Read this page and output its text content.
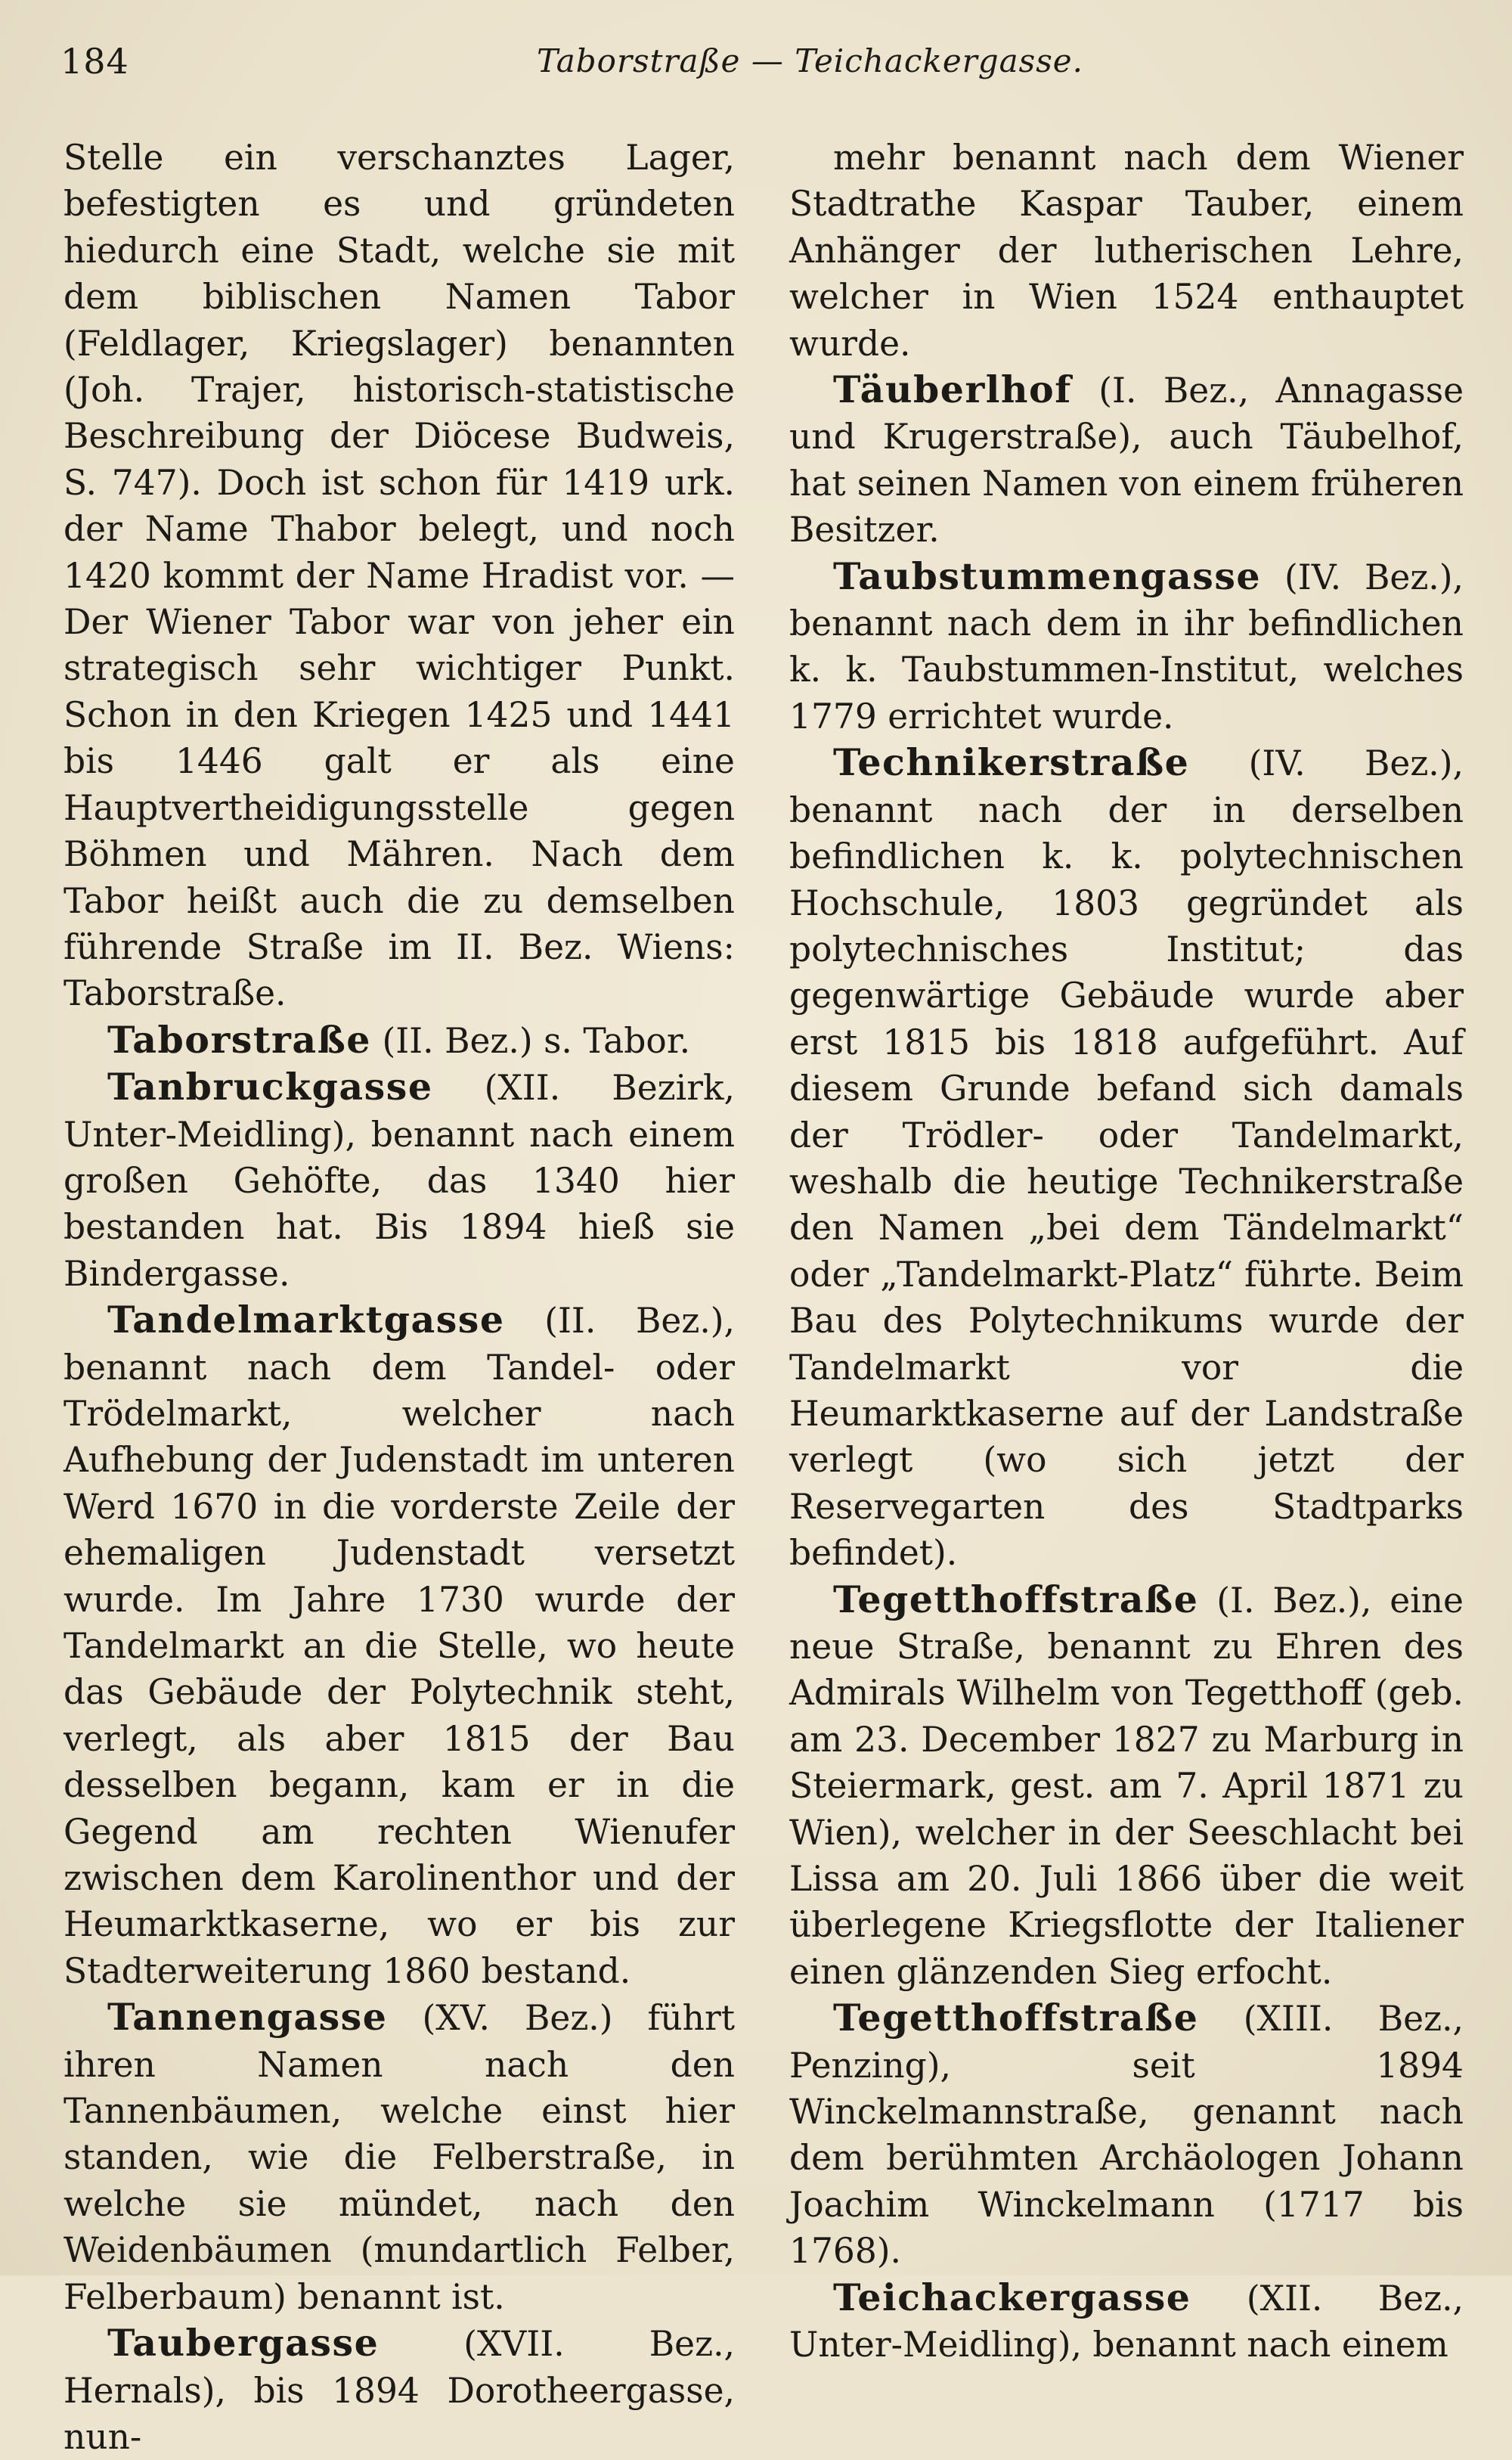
184	Taborstraße — Teichackergasse.

Stelle ein verschanztes Lager, befestigten es und gründeten hiedurch eine Stadt, welche sie mit dem biblischen Namen Tabor (Feldlager, Kriegslager) benannten (Joh. Trajer, historisch-statistische Beschreibung der Diöcese Budweis, S. 747). Doch ist schon für 1419 urk. der Name Thabor belegt, und noch 1420 kommt der Name Hradist vor. — Der Wiener Tabor war von jeher ein strategisch sehr wichtiger Punkt. Schon in den Kriegen 1425 und 1441 bis 1446 galt er als eine Hauptvertheidigungsstelle gegen Böhmen und Mähren. Nach dem Tabor heißt auch die zu demselben führende Straße im II. Bez. Wiens: Taborstraße.

Taborstraße (II. Bez.) s. Tabor.

Tanbruckgasse (XII. Bezirk, Unter-Meidling), benannt nach einem großen Gehöfte, das 1340 hier bestanden hat. Bis 1894 hieß sie Bindergasse.

Tandelmarktgasse (II. Bez.), benannt nach dem Tandel- oder Trödelmarkt, welcher nach Aufhebung der Judenstadt im unteren Werd 1670 in die vorderste Zeile der ehemaligen Judenstadt versetzt wurde. Im Jahre 1730 wurde der Tandelmarkt an die Stelle, wo heute das Gebäude der Polytechnik steht, verlegt, als aber 1815 der Bau desselben begann, kam er in die Gegend am rechten Wienufer zwischen dem Karolinenthor und der Heumarktkaserne, wo er bis zur Stadterweiterung 1860 bestand.

Tannengasse (XV. Bez.) führt ihren Namen nach den Tannenbäumen, welche einst hier standen, wie die Felberstraße, in welche sie mündet, nach den Weidenbäumen (mundartlich Felber, Felberbaum) benannt ist.

Taubergasse (XVII. Bez., Hernals), bis 1894 Dorotheergasse, nun-

mehr benannt nach dem Wiener Stadtrathe Kaspar Tauber, einem Anhänger der lutherischen Lehre, welcher in Wien 1524 enthauptet wurde.

Täuberlhof (I. Bez., Annagasse und Krugerstraße), auch Täubelhof, hat seinen Namen von einem früheren Besitzer.

Taubstummengasse (IV. Bez.), benannt nach dem in ihr befindlichen k. k. Taubstummen-Institut, welches 1779 errichtet wurde.

Technikerstraße (IV. Bez.), benannt nach der in derselben befindlichen k. k. polytechnischen Hochschule, 1803 gegründet als polytechnisches Institut; das gegenwärtige Gebäude wurde aber erst 1815 bis 1818 aufgeführt. Auf diesem Grunde befand sich damals der Trödler- oder Tandelmarkt, weshalb die heutige Technikerstraße den Namen „bei dem Tändelmarkt“ oder „Tandelmarkt-Platz“ führte. Beim Bau des Polytechnikums wurde der Tandelmarkt vor die Heumarktkaserne auf der Landstraße verlegt (wo sich jetzt der Reservegarten des Stadtparks befindet).

Tegetthoffstraße (I. Bez.), eine neue Straße, benannt zu Ehren des Admirals Wilhelm von Tegetthoff (geb. am 23. December 1827 zu Marburg in Steiermark, gest. am 7. April 1871 zu Wien), welcher in der Seeschlacht bei Lissa am 20. Juli 1866 über die weit überlegene Kriegsflotte der Italiener einen glänzenden Sieg erfocht.

Tegetthoffstraße (XIII. Bez., Penzing), seit 1894 Winckelmannstraße, genannt nach dem berühmten Archäologen Johann Joachim Winckelmann (1717 bis 1768).

Teichackergasse (XII. Bez., Unter-Meidling), benannt nach einem
